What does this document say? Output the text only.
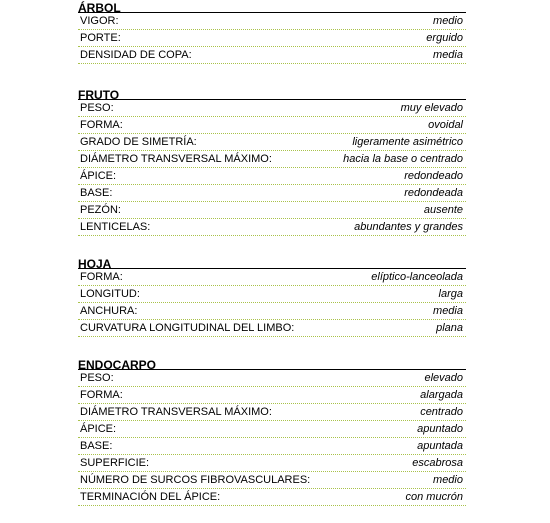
ÁRBOL
VIGOR:	medio
PORTE:	erguido
DENSIDAD DE COPA:	media
FRUTO
PESO:	muy elevado
FORMA:	ovoidal
GRADO DE SIMETRÍA:	ligeramente asimétrico
DIÁMETRO TRANSVERSAL MÁXIMO:	hacia la base o centrado
ÁPICE:	redondeado
BASE:	redondeada
PEZÓN:	ausente
LENTICELAS:	abundantes y grandes
HOJA
FORMA:	elíptico-lanceolada
LONGITUD:	larga
ANCHURA:	media
CURVATURA LONGITUDINAL DEL LIMBO:	plana
ENDOCARPO
PESO:	elevado
FORMA:	alargada
DIÁMETRO TRANSVERSAL MÁXIMO:	centrado
ÁPICE:	apuntado
BASE:	apuntada
SUPERFICIE:	escabrosa
NÚMERO DE SURCOS FIBROVASCULARES:	medio
TERMINACIÓN DEL ÁPICE:	con mucrón
